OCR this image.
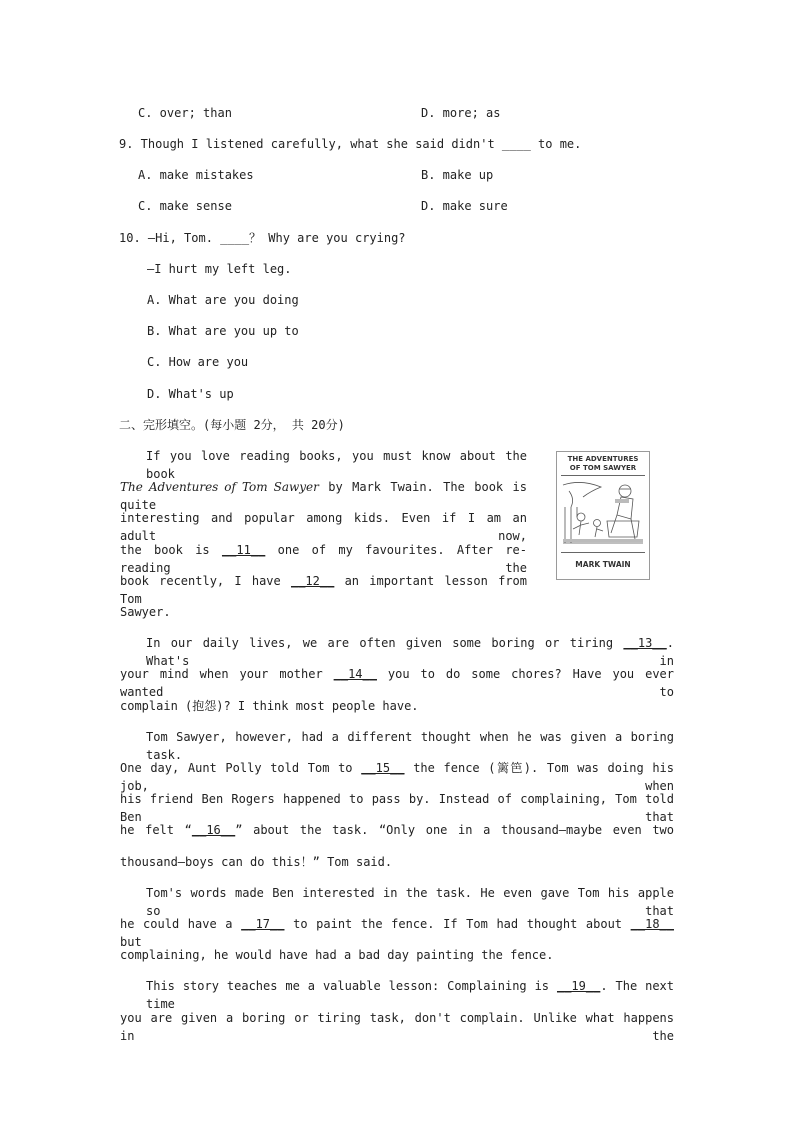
C. over; than	D. more; as
9. Though I listened carefully, what she said didn't ____ to me.
A. make mistakes	B. make up
C. make sense	D. make sure
10. —Hi, Tom. ____？ Why are you crying?
—I hurt my left leg.
A. What are you doing
B. What are you up to
C. How are you
D. What's up
二、完形填空。(每小题 2分， 共 20分)
If you love reading books, you must know about the book
The Adventures of Tom Sawyer by Mark Twain. The book is quite
interesting and popular among kids. Even if I am an adult now,
the book is __11__ one of my favourites. After re-reading the
book recently, I have __12__ an important lesson from Tom
Sawyer.
THE ADVENTURES
OF TOM SAWYER
MARK TWAIN
In our daily lives, we are often given some boring or tiring __13__. What's in
your mind when your mother __14__ you to do some chores? Have you ever wanted to
complain (抱怨)? I think most people have.
Tom Sawyer, however, had a different thought when he was given a boring task.
One day, Aunt Polly told Tom to __15__ the fence (篱笆). Tom was doing his job, when
his friend Ben Rogers happened to pass by. Instead of complaining, Tom told Ben that
he felt “__16__” about the task. “Only one in a thousand—maybe even two
thousand—boys can do this！” Tom said.
Tom's words made Ben interested in the task. He even gave Tom his apple so that
he could have a __17__ to paint the fence. If Tom had thought about __18__ but
complaining, he would have had a bad day painting the fence.
This story teaches me a valuable lesson: Complaining is __19__. The next time
you are given a boring or tiring task, don't complain. Unlike what happens in the
